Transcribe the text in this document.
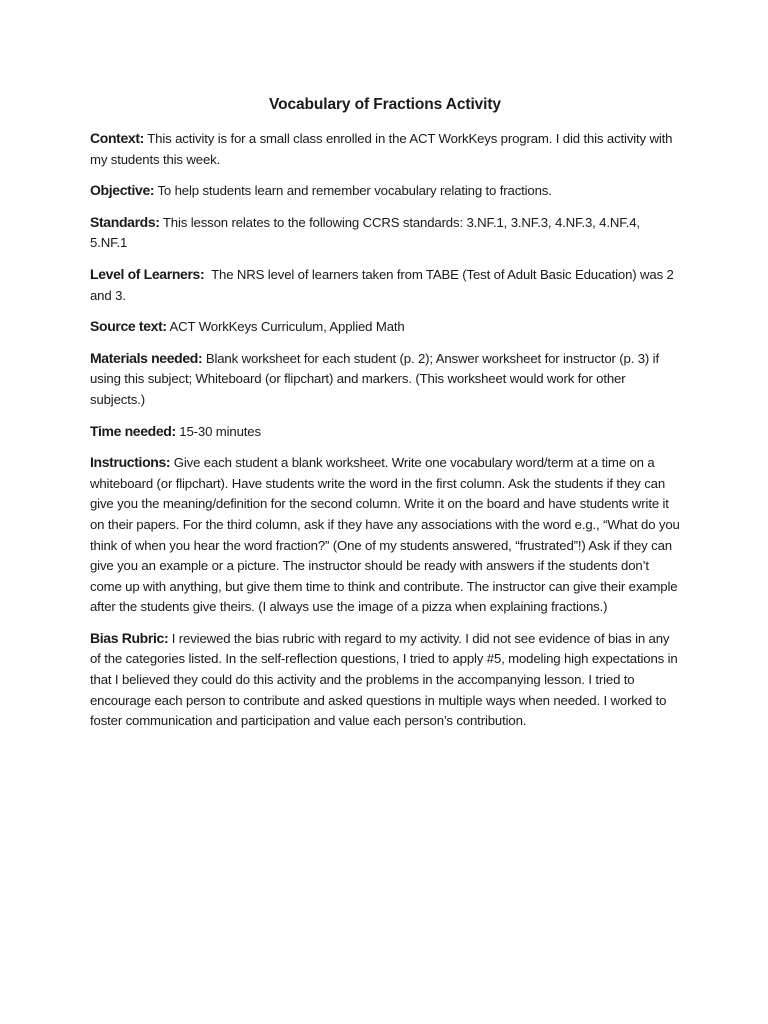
Vocabulary of Fractions Activity

Context: This activity is for a small class enrolled in the ACT WorkKeys program. I did this activity with my students this week.

Objective: To help students learn and remember vocabulary relating to fractions.

Standards: This lesson relates to the following CCRS standards: 3.NF.1, 3.NF.3, 4.NF.3, 4.NF.4, 5.NF.1

Level of Learners:  The NRS level of learners taken from TABE (Test of Adult Basic Education) was 2 and 3.

Source text: ACT WorkKeys Curriculum, Applied Math

Materials needed: Blank worksheet for each student (p. 2); Answer worksheet for instructor (p. 3) if using this subject; Whiteboard (or flipchart) and markers. (This worksheet would work for other subjects.)

Time needed: 15-30 minutes

Instructions: Give each student a blank worksheet. Write one vocabulary word/term at a time on a whiteboard (or flipchart). Have students write the word in the first column. Ask the students if they can give you the meaning/definition for the second column. Write it on the board and have students write it on their papers. For the third column, ask if they have any associations with the word e.g., “What do you think of when you hear the word fraction?” (One of my students answered, “frustrated”!) Ask if they can give you an example or a picture. The instructor should be ready with answers if the students don’t come up with anything, but give them time to think and contribute. The instructor can give their example after the students give theirs. (I always use the image of a pizza when explaining fractions.)

Bias Rubric: I reviewed the bias rubric with regard to my activity. I did not see evidence of bias in any of the categories listed. In the self-reflection questions, I tried to apply #5, modeling high expectations in that I believed they could do this activity and the problems in the accompanying lesson. I tried to encourage each person to contribute and asked questions in multiple ways when needed. I worked to foster communication and participation and value each person’s contribution.
